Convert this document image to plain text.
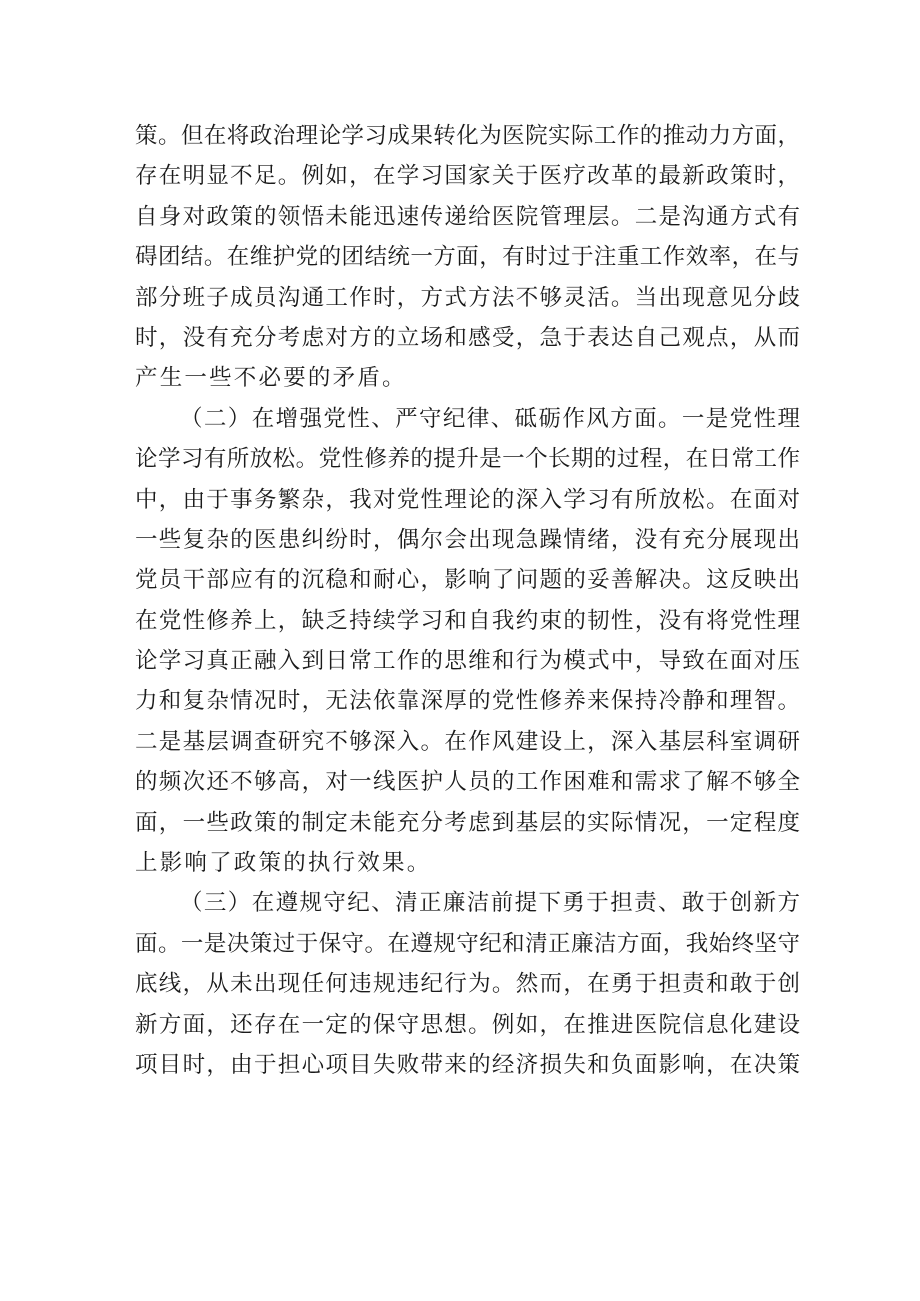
策。但在将政治理论学习成果转化为医院实际工作的推动力方面，
存在明显不足。例如，在学习国家关于医疗改革的最新政策时，
自身对政策的领悟未能迅速传递给医院管理层。二是沟通方式有
碍团结。在维护党的团结统一方面，有时过于注重工作效率，在与
部分班子成员沟通工作时，方式方法不够灵活。当出现意见分歧
时，没有充分考虑对方的立场和感受，急于表达自己观点，从而
产生一些不必要的矛盾。
（二）在增强党性、严守纪律、砥砺作风方面。一是党性理
论学习有所放松。党性修养的提升是一个长期的过程，在日常工作
中，由于事务繁杂，我对党性理论的深入学习有所放松。在面对
一些复杂的医患纠纷时，偶尔会出现急躁情绪，没有充分展现出
党员干部应有的沉稳和耐心，影响了问题的妥善解决。这反映出
在党性修养上，缺乏持续学习和自我约束的韧性，没有将党性理
论学习真正融入到日常工作的思维和行为模式中，导致在面对压
力和复杂情况时，无法依靠深厚的党性修养来保持冷静和理智。
二是基层调查研究不够深入。在作风建设上，深入基层科室调研
的频次还不够高，对一线医护人员的工作困难和需求了解不够全
面，一些政策的制定未能充分考虑到基层的实际情况，一定程度
上影响了政策的执行效果。
（三）在遵规守纪、清正廉洁前提下勇于担责、敢于创新方
面。一是决策过于保守。在遵规守纪和清正廉洁方面，我始终坚守
底线，从未出现任何违规违纪行为。然而，在勇于担责和敢于创
新方面，还存在一定的保守思想。例如，在推进医院信息化建设
项目时，由于担心项目失败带来的经济损失和负面影响，在决策
